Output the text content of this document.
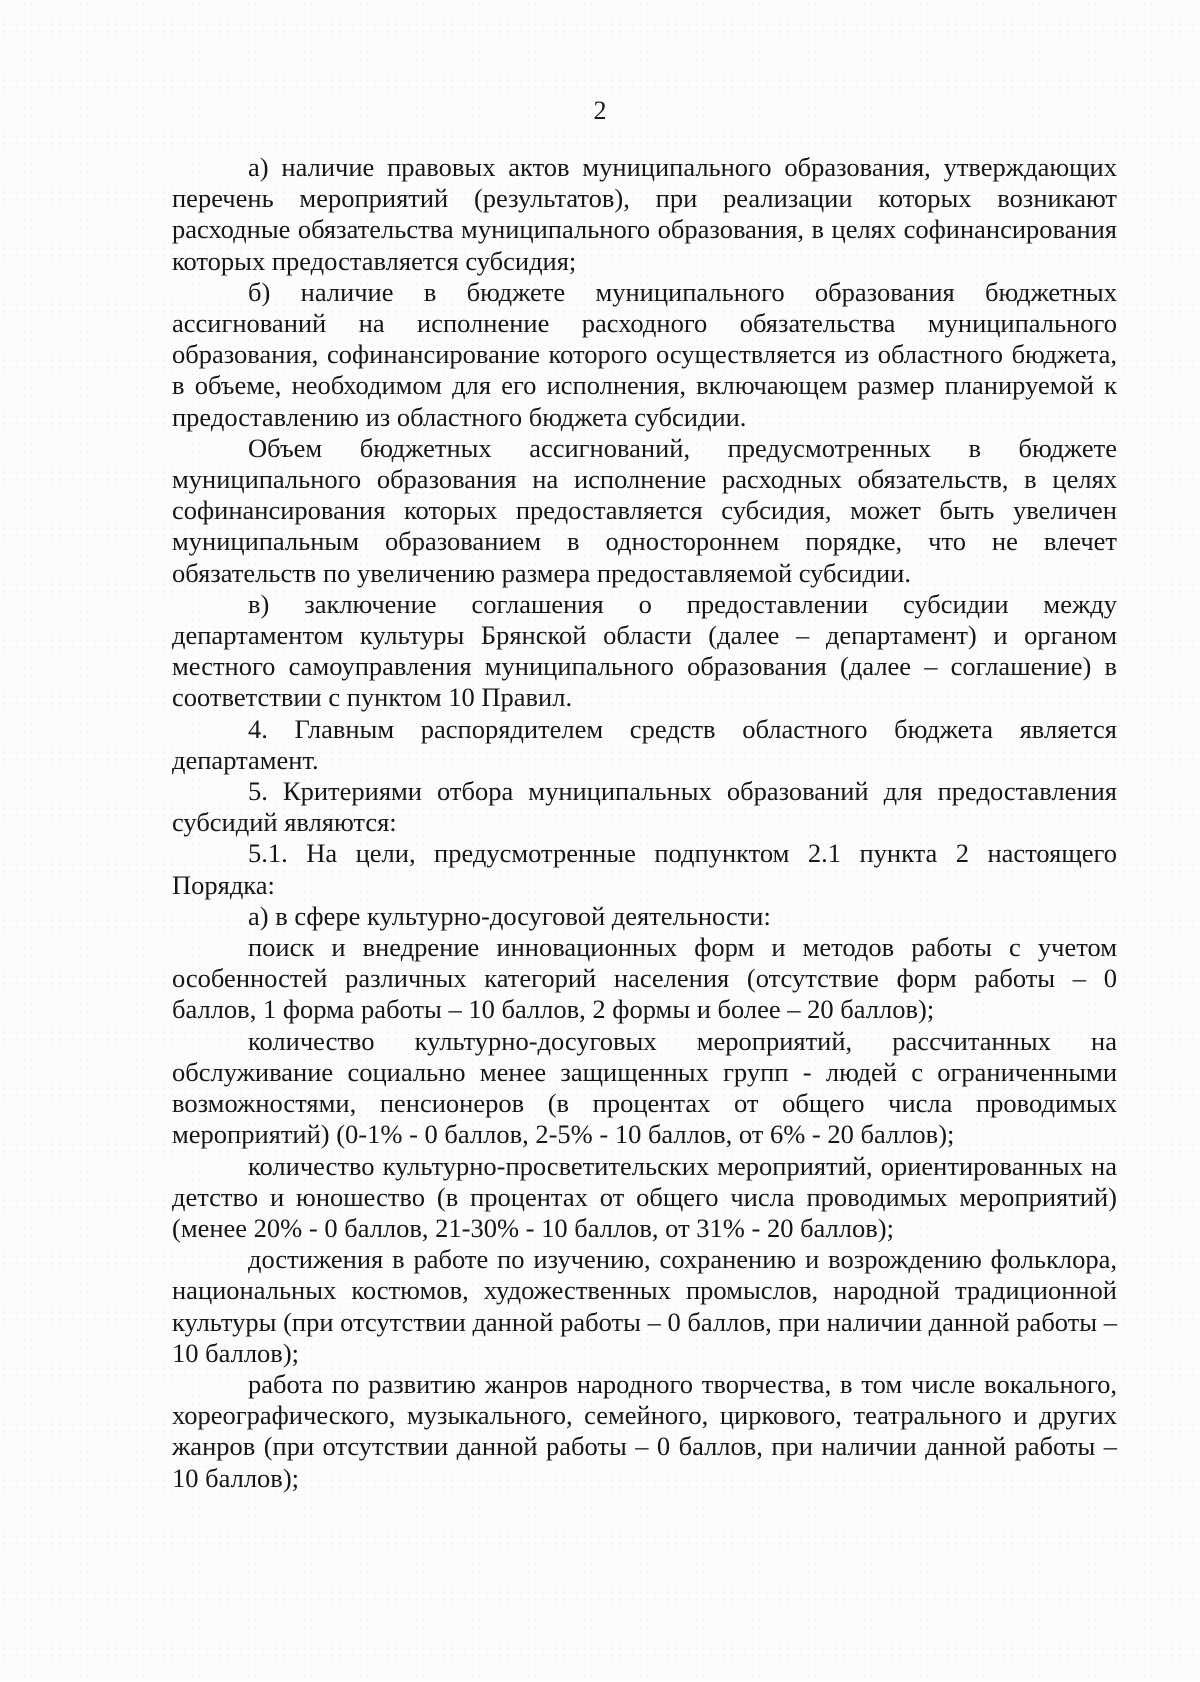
2

а) наличие правовых актов муниципального образования, утверждающих перечень мероприятий (результатов), при реализации которых возникают расходные обязательства муниципального образования, в целях софинансирования которых предоставляется субсидия;

б) наличие в бюджете муниципального образования бюджетных ассигнований на исполнение расходного обязательства муниципального образования, софинансирование которого осуществляется из областного бюджета, в объеме, необходимом для его исполнения, включающем размер планируемой к предоставлению из областного бюджета субсидии.

Объем бюджетных ассигнований, предусмотренных в бюджете муниципального образования на исполнение расходных обязательств, в целях софинансирования которых предоставляется субсидия, может быть увеличен муниципальным образованием в одностороннем порядке, что не влечет обязательств по увеличению размера предоставляемой субсидии.

в) заключение соглашения о предоставлении субсидии между департаментом культуры Брянской области (далее – департамент) и органом местного самоуправления муниципального образования (далее – соглашение) в соответствии с пунктом 10 Правил.

4. Главным распорядителем средств областного бюджета является департамент.

5. Критериями отбора муниципальных образований для предоставления субсидий являются:

5.1. На цели, предусмотренные подпунктом 2.1 пункта 2 настоящего Порядка:

а) в сфере культурно-досуговой деятельности:

поиск и внедрение инновационных форм и методов работы с учетом особенностей различных категорий населения (отсутствие форм работы – 0 баллов, 1 форма работы – 10 баллов, 2 формы и более – 20 баллов);

количество культурно-досуговых мероприятий, рассчитанных на обслуживание социально менее защищенных групп - людей с ограниченными возможностями, пенсионеров (в процентах от общего числа проводимых мероприятий) (0-1% - 0 баллов, 2-5% - 10 баллов, от 6% - 20 баллов);

количество культурно-просветительских мероприятий, ориентированных на детство и юношество (в процентах от общего числа проводимых мероприятий) (менее 20% - 0 баллов, 21-30% - 10 баллов, от 31% - 20 баллов);

достижения в работе по изучению, сохранению и возрождению фольклора, национальных костюмов, художественных промыслов, народной традиционной культуры (при отсутствии данной работы – 0 баллов, при наличии данной работы – 10 баллов);

работа по развитию жанров народного творчества, в том числе вокального, хореографического, музыкального, семейного, циркового, театрального и других жанров (при отсутствии данной работы – 0 баллов, при наличии данной работы – 10 баллов);
